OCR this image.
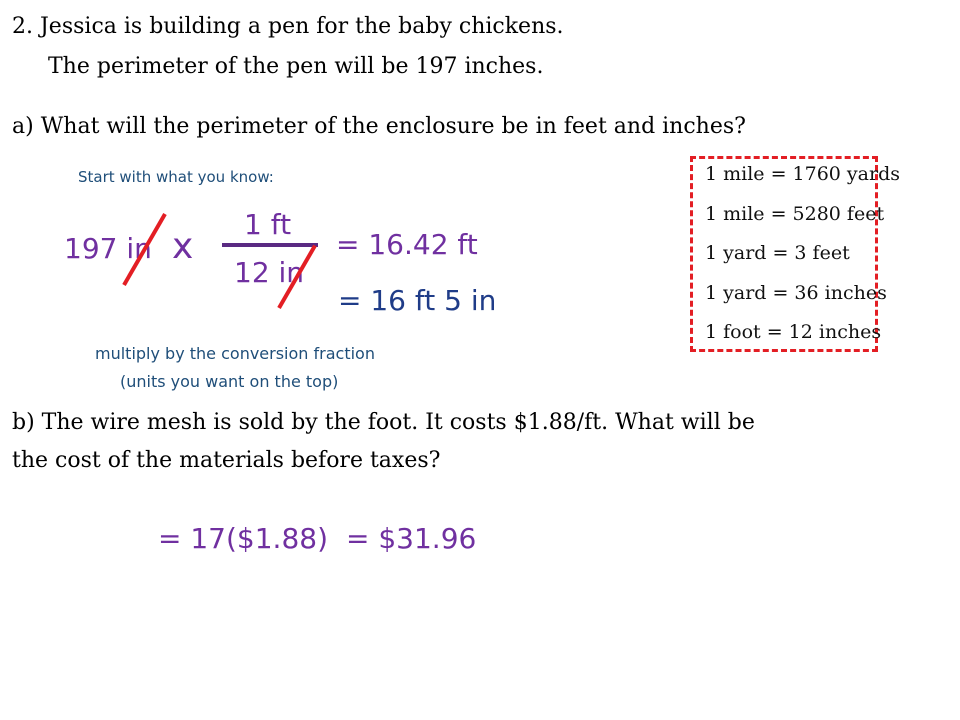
2. Jessica is building a pen for the baby chickens.
The perimeter of the pen will be 197 inches.
a) What will the perimeter of the enclosure be in feet and inches?
Start with what you know:
197 in x
1 ft
12 in
= 16.42 ft
= 16 ft 5 in
multiply by the conversion fraction
(units you want on the top)
1 mile = 1760 yards
1 mile = 5280 feet
1 yard = 3 feet
1 yard = 36 inches
1 foot = 12 inches
b) The wire mesh is sold by the foot. It costs $1.88/ft. What will be
the cost of the materials before taxes?
= 17($1.88) = $31.96
